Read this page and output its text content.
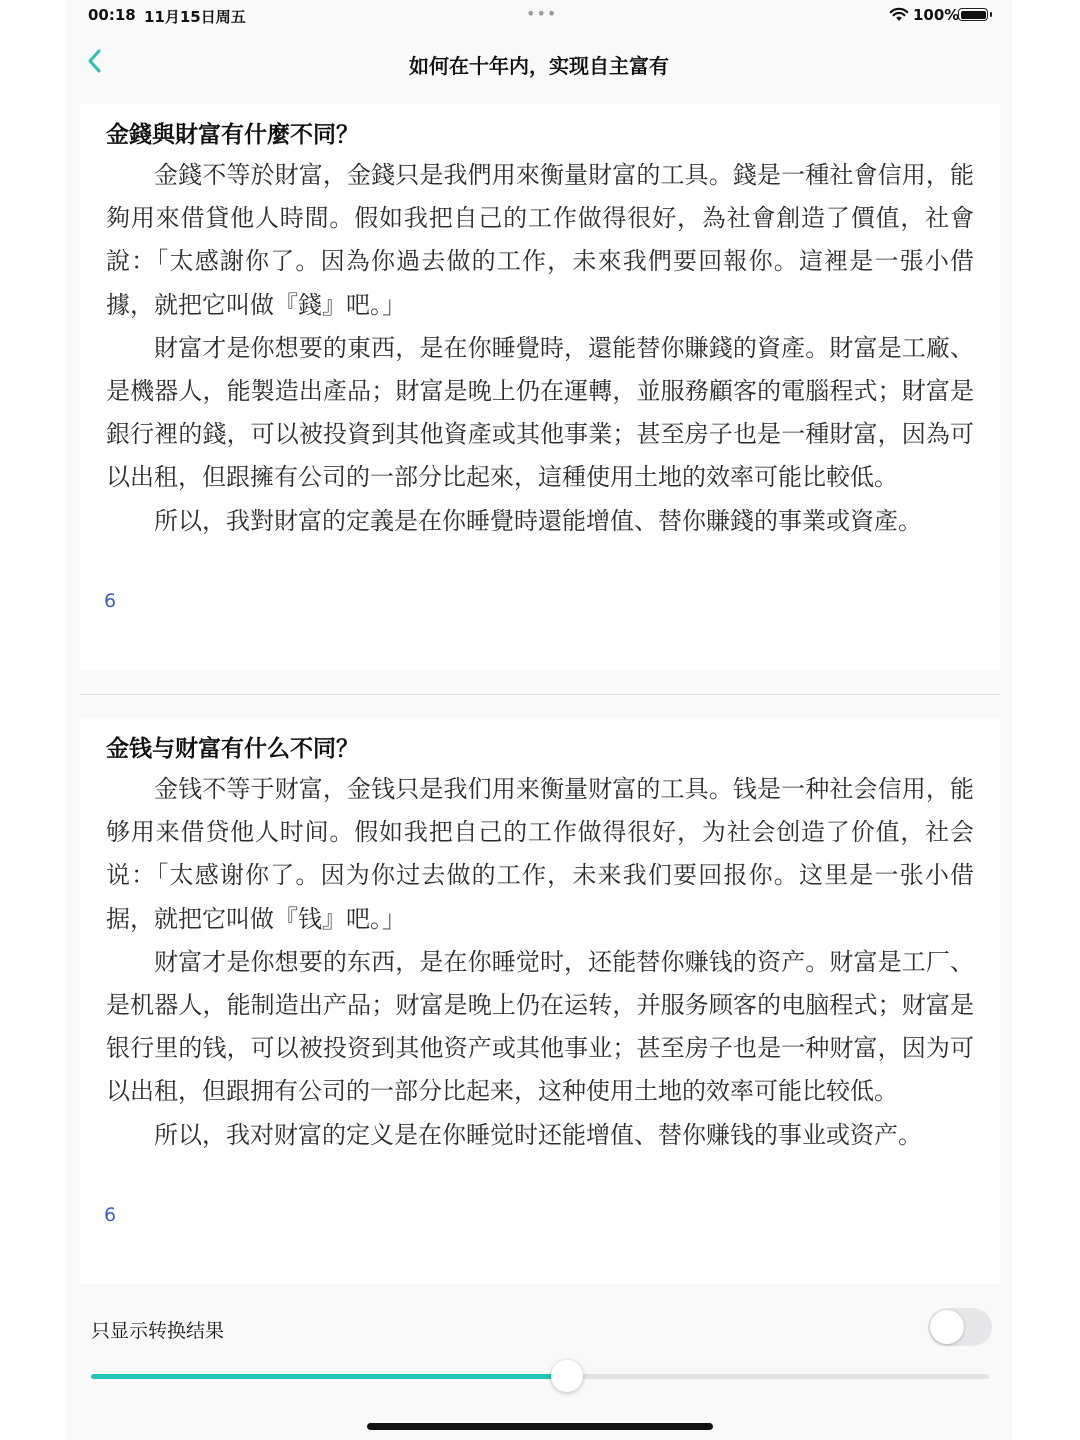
00:18 11月15日周五	•••	100%
如何在十年内，实现自主富有
金錢與財富有什麼不同？

金錢不等於財富，金錢只是我們用來衡量財富的工具。錢是一種社會信用，能夠用來借貸他人時間。假如我把自己的工作做得很好，為社會創造了價值，社會說：「太感謝你了。因為你過去做的工作，未來我們要回報你。這裡是一張小借據，就把它叫做『錢』吧。」

財富才是你想要的東西，是在你睡覺時，還能替你賺錢的資產。財富是工廠、是機器人，能製造出產品；財富是晚上仍在運轉，並服務顧客的電腦程式；財富是銀行裡的錢，可以被投資到其他資產或其他事業；甚至房子也是一種財富，因為可以出租，但跟擁有公司的一部分比起來，這種使用土地的效率可能比較低。

所以，我對財富的定義是在你睡覺時還能增值、替你賺錢的事業或資產。

6
金钱与财富有什么不同？

金钱不等于财富，金钱只是我们用来衡量财富的工具。钱是一种社会信用，能够用来借贷他人时间。假如我把自己的工作做得很好，为社会创造了价值，社会说：「太感谢你了。因为你过去做的工作，未来我们要回报你。这里是一张小借据，就把它叫做『钱』吧。」

财富才是你想要的东西，是在你睡觉时，还能替你赚钱的资产。财富是工厂、是机器人，能制造出产品；财富是晚上仍在运转，并服务顾客的电脑程式；财富是银行里的钱，可以被投资到其他资产或其他事业；甚至房子也是一种财富，因为可以出租，但跟拥有公司的一部分比起来，这种使用土地的效率可能比较低。

所以，我对财富的定义是在你睡觉时还能增值、替你赚钱的事业或资产。

6
只显示转换结果
